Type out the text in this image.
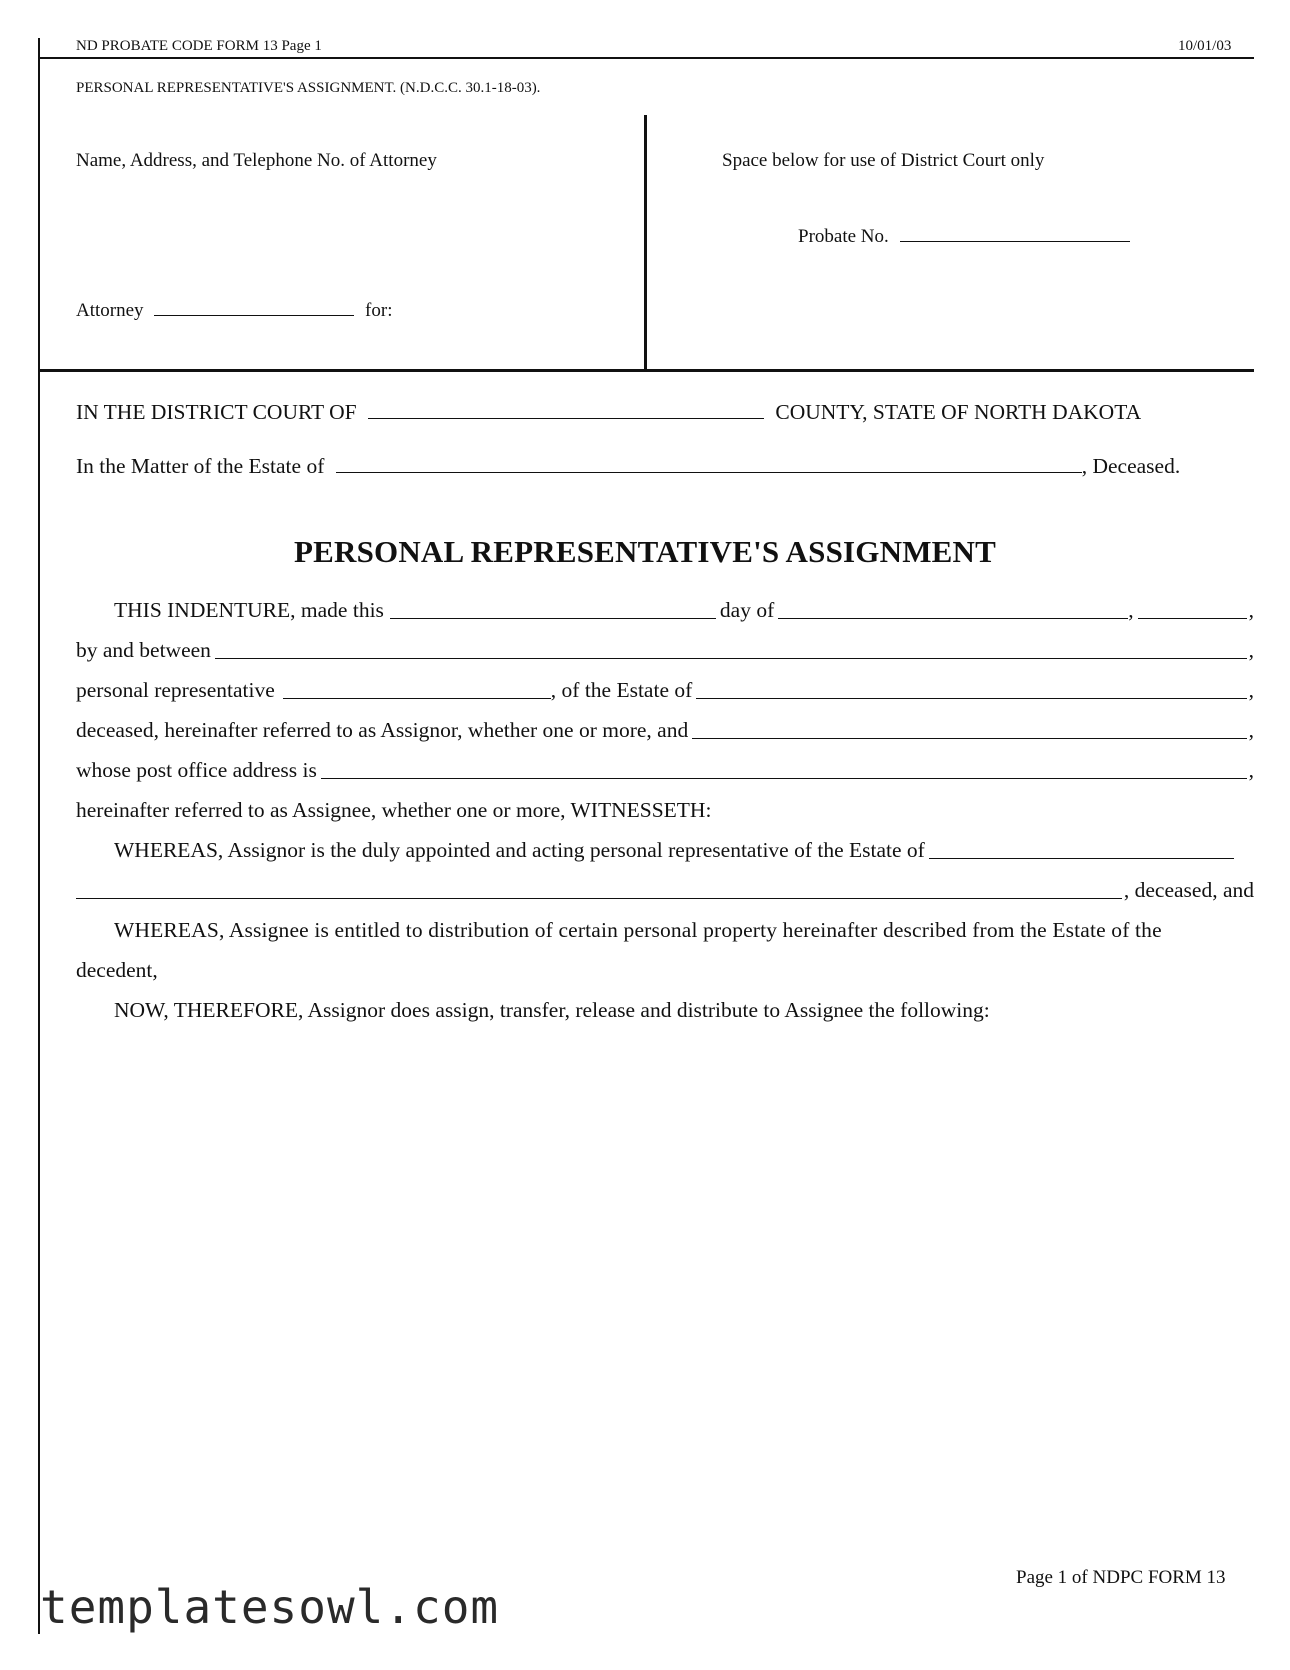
ND PROBATE CODE FORM 13 Page 1	10/01/03
PERSONAL REPRESENTATIVE'S ASSIGNMENT. (N.D.C.C. 30.1-18-03).
Name, Address, and Telephone No. of Attorney
Attorney	for:
Space below for use of District Court only
Probate No.
IN THE DISTRICT COURT OF	COUNTY, STATE OF NORTH DAKOTA
In the Matter of the Estate of	, Deceased.
PERSONAL REPRESENTATIVE'S ASSIGNMENT
THIS INDENTURE, made this	day of	,	,
by and between	,
personal representative	, of the Estate of	,
deceased, hereinafter referred to as Assignor, whether one or more, and	,
whose post office address is	,
hereinafter referred to as Assignee, whether one or more, WITNESSETH:
WHEREAS, Assignor is the duly appointed and acting personal representative of the Estate of
, deceased, and
WHEREAS, Assignee is entitled to distribution of certain personal property hereinafter described from the Estate of the
decedent,
NOW, THEREFORE, Assignor does assign, transfer, release and distribute to Assignee the following:
Page 1 of NDPC FORM 13
templatesowl.com
